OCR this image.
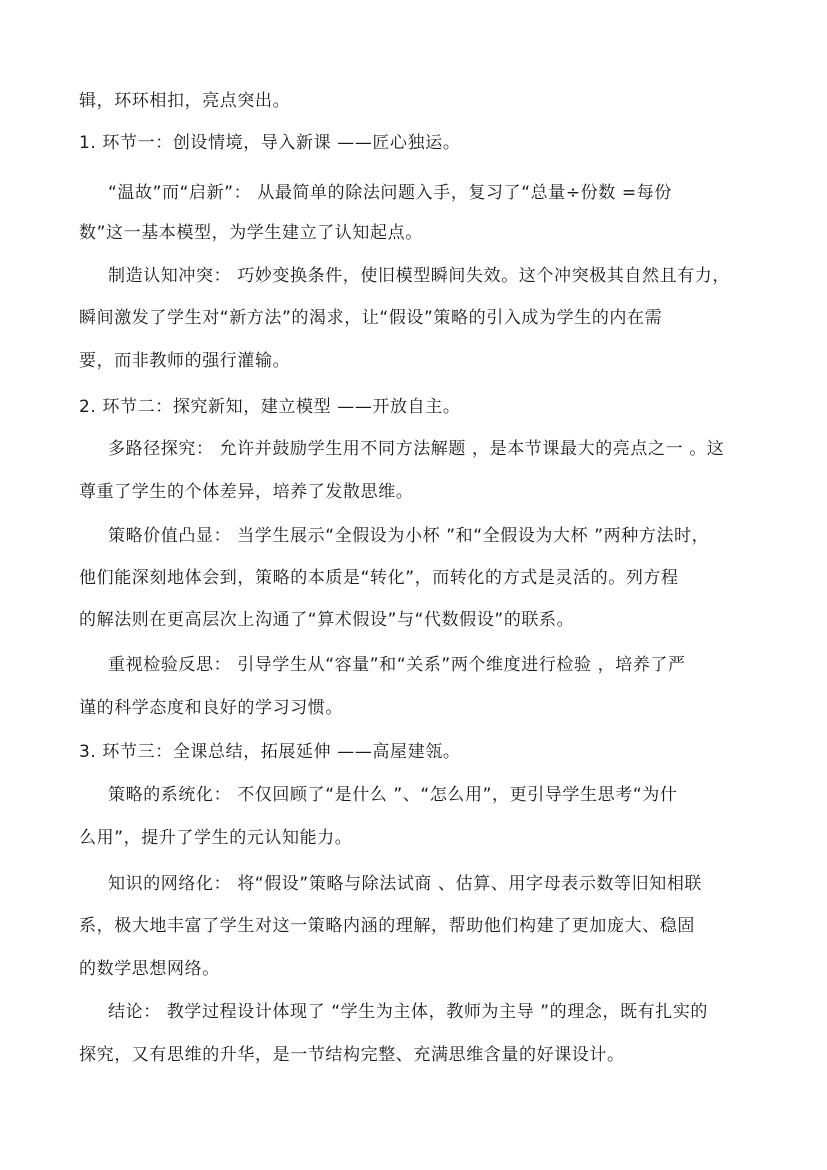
辑，环环相扣，亮点突出。
1. 环节一：创设情境，导入新课 ——匠心独运。
“温故”而“启新”： 从最简单的除法问题入手，复习了“总量÷份数 =每份
数”这一基本模型，为学生建立了认知起点。
制造认知冲突： 巧妙变换条件，使旧模型瞬间失效。这个冲突极其自然且有力，
瞬间激发了学生对“新方法”的渴求，让“假设”策略的引入成为学生的内在需
要，而非教师的强行灌输。
2. 环节二：探究新知，建立模型 ——开放自主。
多路径探究： 允许并鼓励学生用不同方法解题 ，是本节课最大的亮点之一 。这
尊重了学生的个体差异，培养了发散思维。
策略价值凸显： 当学生展示“全假设为小杯 ”和“全假设为大杯 ”两种方法时，
他们能深刻地体会到，策略的本质是“转化”，而转化的方式是灵活的。列方程
的解法则在更高层次上沟通了“算术假设”与“代数假设”的联系。
重视检验反思： 引导学生从“容量”和“关系”两个维度进行检验 ，培养了严
谨的科学态度和良好的学习习惯。
3. 环节三：全课总结，拓展延伸 ——高屋建瓴。
策略的系统化： 不仅回顾了“是什么 ”、“怎么用”，更引导学生思考“为什
么用”，提升了学生的元认知能力。
知识的网络化： 将“假设”策略与除法试商 、估算、用字母表示数等旧知相联
系，极大地丰富了学生对这一策略内涵的理解，帮助他们构建了更加庞大、稳固
的数学思想网络。
结论： 教学过程设计体现了 “学生为主体，教师为主导 ”的理念，既有扎实的
探究，又有思维的升华，是一节结构完整、充满思维含量的好课设计。
